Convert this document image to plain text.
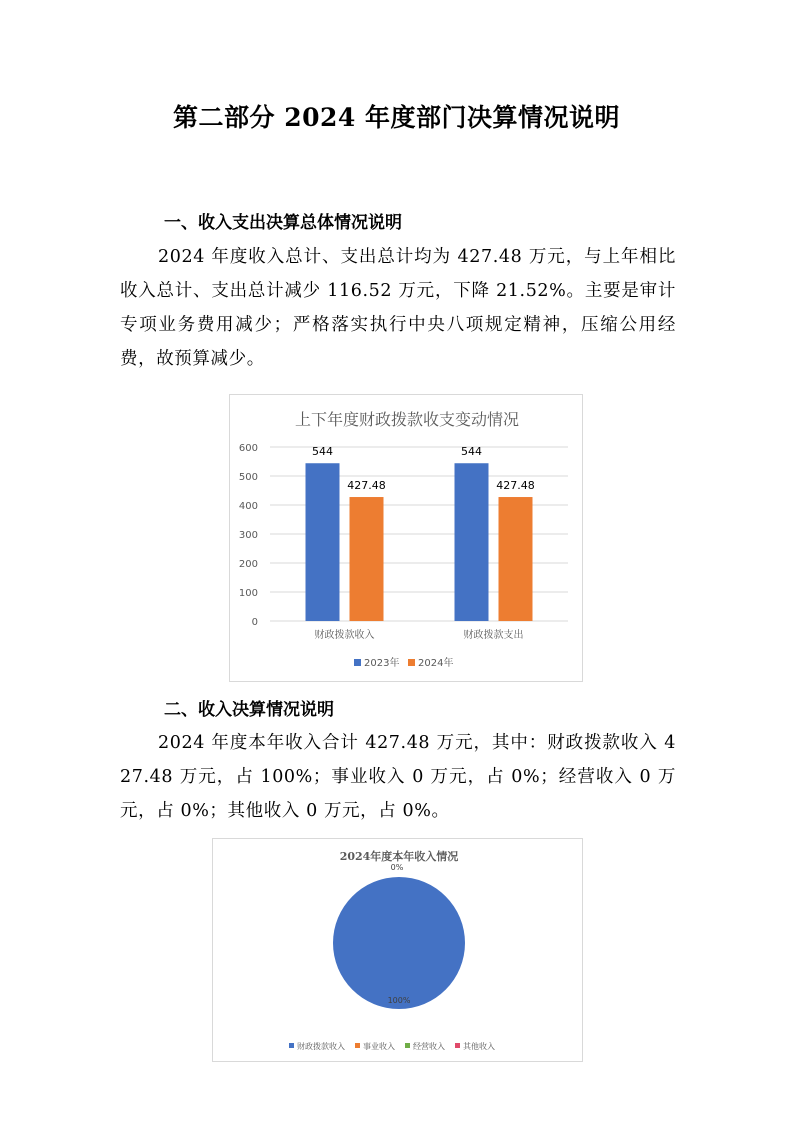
第二部分 2024 年度部门决算情况说明
一、收入支出决算总体情况说明
2024 年度收入总计、支出总计均为 427.48 万元，与上年相比收入总计、支出总计减少 116.52 万元，下降 21.52%。主要是审计专项业务费用减少；严格落实执行中央八项规定精神，压缩公用经费，故预算减少。
上下年度财政拨款收支变动情况
0
100
200
300
400
500
600	544
427.48
544
427.48
财政拨款收入	财政拨款支出
2023年 2024年
二、收入决算情况说明
2024 年度本年收入合计 427.48 万元，其中：财政拨款收入 427.48 万元，占 100%；事业收入 0 万元，占 0%；经营收入 0 万元，占 0%；其他收入 0 万元，占 0%。
2024年度本年收入情况
100%
0%
财政拨款收入 事业收入 经营收入 其他收入
